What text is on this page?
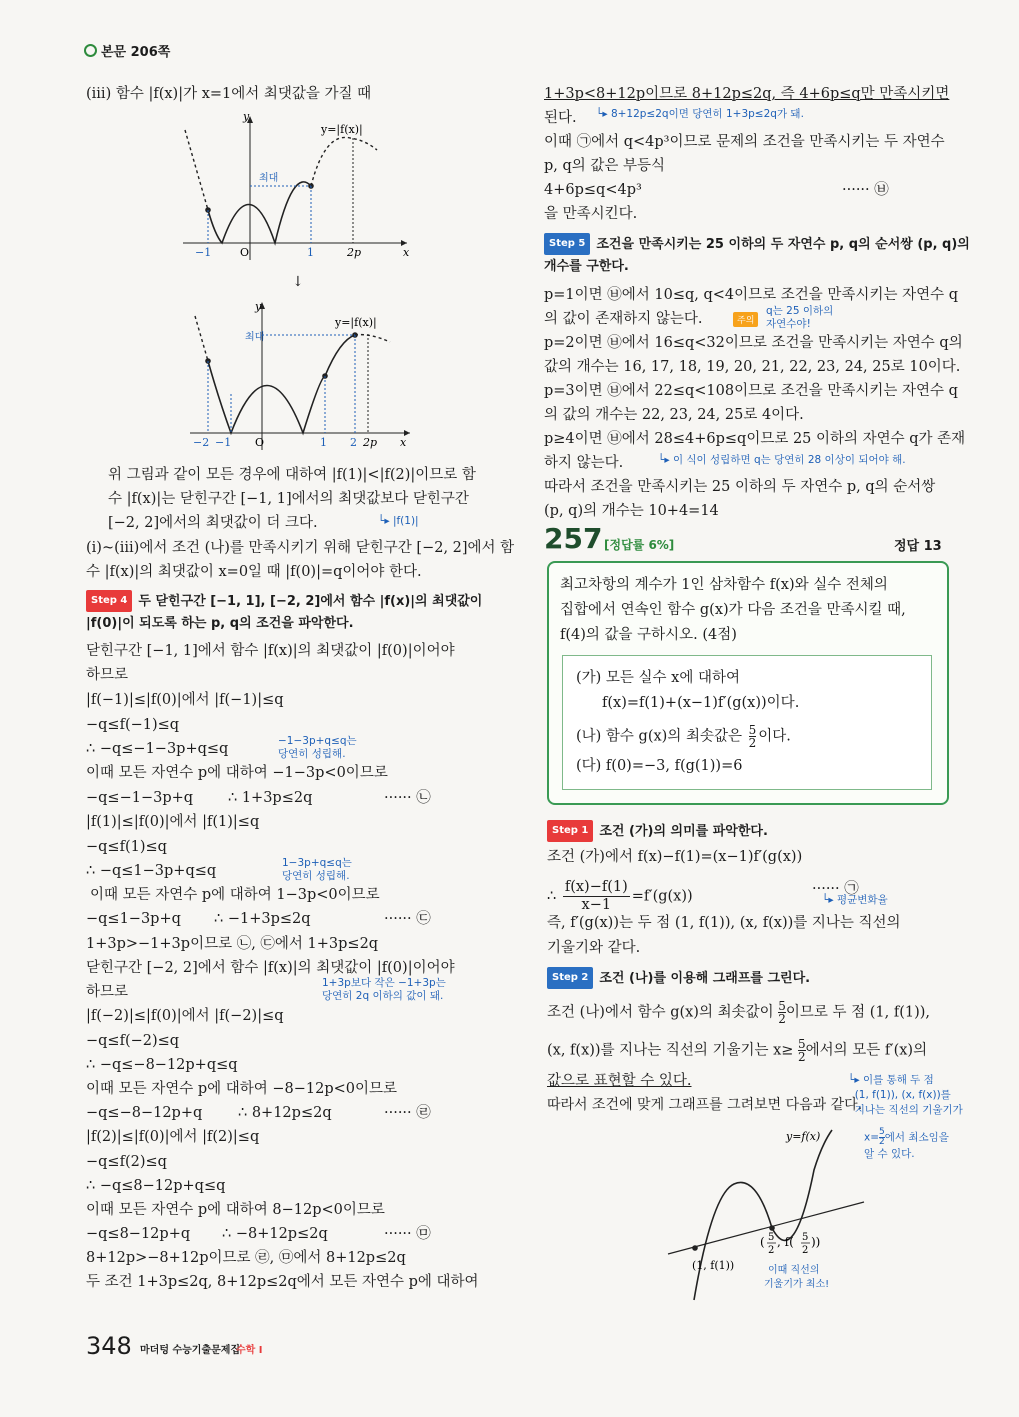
본문 206쪽
(iii) 함수 |f(x)|가 x=1에서 최댓값을 가질 때
y
y=|f(x)|
최대
x
O
−1	1	2p
↓
y
y=|f(x)|
최대
x
O
−2 −1	1 2 2p
위 그림과 같이 모든 경우에 대하여 |f(1)|<|f(2)|이므로 함
수 |f(x)|는 닫힌구간 [−1, 1]에서의 최댓값보다 닫힌구간
[−2, 2]에서의 최댓값이 더 크다.	└▸ |f(1)|
(i)~(iii)에서 조건 (나)를 만족시키기 위해 닫힌구간 [−2, 2]에서 함
수 |f(x)|의 최댓값이 x=0일 때 |f(0)|=q이어야 한다.
Step 4 두 닫힌구간 [−1, 1], [−2, 2]에서 함수 |f(x)|의 최댓값이
|f(0)|이 되도록 하는 p, q의 조건을 파악한다.
닫힌구간 [−1, 1]에서 함수 |f(x)|의 최댓값이 |f(0)|이어야
하므로
|f(−1)|≤|f(0)|에서 |f(−1)|≤q
−q≤f(−1)≤q
∴ −q≤−1−3p+q≤q	−1−3p+q≤q는
당연히 성립해.
이때 모든 자연수 p에 대하여 −1−3p<0이므로
−q≤−1−3p+q ∴ 1+3p≤2q	······ ㉡
|f(1)|≤|f(0)|에서 |f(1)|≤q
−q≤f(1)≤q
∴ −q≤1−3p+q≤q	1−3p+q≤q는
당연히 성립해.
이때 모든 자연수 p에 대하여 1−3p<0이므로
−q≤1−3p+q ∴ −1+3p≤2q	······ ㉢
1+3p>−1+3p이므로 ㉡, ㉢에서 1+3p≤2q
닫힌구간 [−2, 2]에서 함수 |f(x)|의 최댓값이 |f(0)|이어야
1+3p보다 작은 −1+3p는
당연히 2q 이하의 값이 돼.
하므로
|f(−2)|≤|f(0)|에서 |f(−2)|≤q
−q≤f(−2)≤q
∴ −q≤−8−12p+q≤q
이때 모든 자연수 p에 대하여 −8−12p<0이므로
−q≤−8−12p+q ∴ 8+12p≤2q	······ ㉣
|f(2)|≤|f(0)|에서 |f(2)|≤q
−q≤f(2)≤q
∴ −q≤8−12p+q≤q
이때 모든 자연수 p에 대하여 8−12p<0이므로
−q≤8−12p+q ∴ −8+12p≤2q	······ ㉤
8+12p>−8+12p이므로 ㉣, ㉤에서 8+12p≤2q
두 조건 1+3p≤2q, 8+12p≤2q에서 모든 자연수 p에 대하여
1+3p<8+12p이므로 8+12p≤2q, 즉 4+6p≤q만 만족시키면
└▸ 8+12p≤2q이면 당연히 1+3p≤2q가 돼.
된다.
이때 ㉠에서 q<4p³이므로 문제의 조건을 만족시키는 두 자연수
p, q의 값은 부등식
4+6p≤q<4p³	······ ㉥
을 만족시킨다.
Step 5 조건을 만족시키는 25 이하의 두 자연수 p, q의 순서쌍 (p, q)의
개수를 구한다.
p=1이면 ㉥에서 10≤q, q<4이므로 조건을 만족시키는 자연수 q
의 값이 존재하지 않는다.	주의
q는 25 이하의
자연수야!
p=2이면 ㉥에서 16≤q<32이므로 조건을 만족시키는 자연수 q의
값의 개수는 16, 17, 18, 19, 20, 21, 22, 23, 24, 25로 10이다.
p=3이면 ㉥에서 22≤q<108이므로 조건을 만족시키는 자연수 q
의 값의 개수는 22, 23, 24, 25로 4이다.
p≥4이면 ㉥에서 28≤4+6p≤q이므로 25 이하의 자연수 q가 존재
하지 않는다.	└▸ 이 식이 성립하면 q는 당연히 28 이상이 되어야 해.
따라서 조건을 만족시키는 25 이하의 두 자연수 p, q의 순서쌍
(p, q)의 개수는 10+4=14
257 [정답률 6%]	정답 13
최고차항의 계수가 1인 삼차함수 f(x)와 실수 전체의
집합에서 연속인 함수 g(x)가 다음 조건을 만족시킬 때,
f(4)의 값을 구하시오. (4점)
(가) 모든 실수 x에 대하여
f(x)=f(1)+(x−1)f′(g(x))이다.
(나) 함수 g(x)의 최솟값은 $\frac{5}{2}$ 이다.
(다) f(0)=−3, f(g(1))=6
Step 1 조건 (가)의 의미를 파악한다.
조건 (가)에서 f(x)−f(1)=(x−1)f′(g(x))
∴ $\frac{f(x)-f(1)}{x-1} =f'(g(x))$	······ ㉠
└▸ 평균변화율
즉, f′(g(x))는 두 점 (1, f(1)), (x, f(x))를 지나는 직선의
기울기와 같다.
Step 2 조건 (나)를 이용해 그래프를 그린다.
조건 (나)에서 함수 g(x)의 최솟값이 $\frac{5}{2}$ 이므로 두 점 (1, f(1)),
(x, f(x))를 지나는 직선의 기울기는 $x\ge \frac{5}{2}$ 에서의 모든 f′(x)의
값으로 표현할 수 있다.
따라서 조건에 맞게 그래프를 그려보면 다음과 같다.
└▸ 이를 통해 두 점
(1, f(1)), (x, f(x))를
지나는 직선의 기울기가
$x= \frac{5}{2}$ 에서 최소임을
알 수 있다.
y=f(x)
(1, f(1))
( 5
2
, f( 5
2
))
이때 직선의
기울기가 최소!
348 마더텅 수능기출문제집
수학 I
